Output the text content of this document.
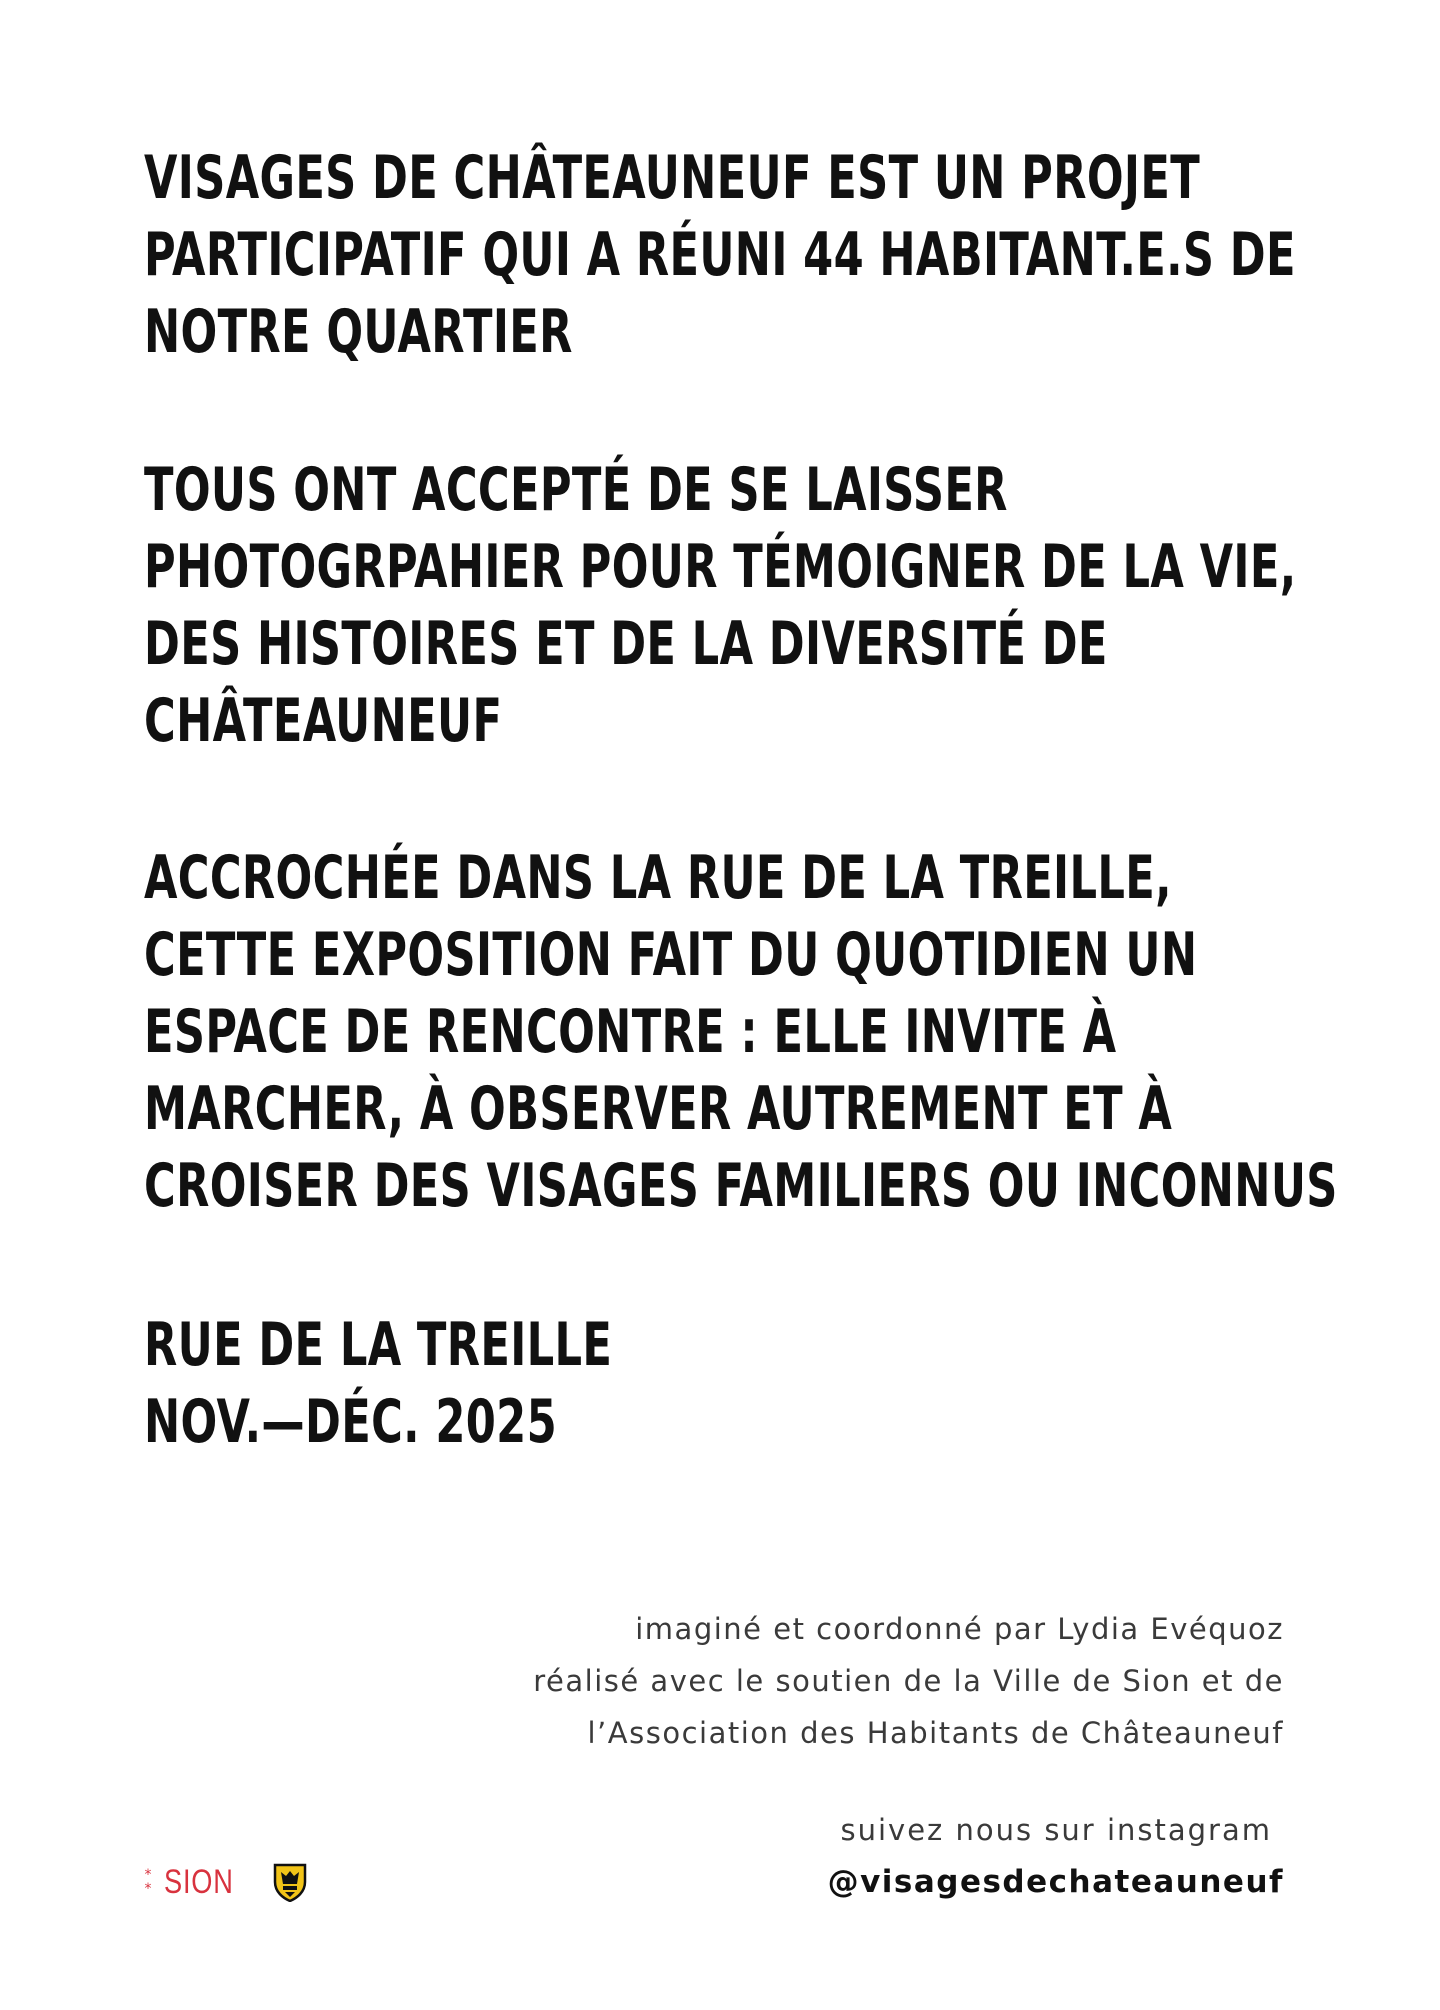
VISAGES DE CHÂTEAUNEUF EST UN PROJET
PARTICIPATIF QUI A RÉUNI 44 HABITANT.E.S DE
NOTRE QUARTIER
TOUS ONT ACCEPTÉ DE SE LAISSER
PHOTOGRPAHIER POUR TÉMOIGNER DE LA VIE,
DES HISTOIRES ET DE LA DIVERSITÉ DE
CHÂTEAUNEUF
ACCROCHÉE DANS LA RUE DE LA TREILLE,
CETTE EXPOSITION FAIT DU QUOTIDIEN UN
ESPACE DE RENCONTRE : ELLE INVITE À
MARCHER, À OBSERVER AUTREMENT ET À
CROISER DES VISAGES FAMILIERS OU INCONNUS
RUE DE LA TREILLE
NOV.—DÉC. 2025
imaginé et coordonné par Lydia Evéquoz
réalisé avec le soutien de la Ville de Sion et de
l’Association des Habitants de Châteauneuf
suivez nous sur instagram
@visagesdechateauneuf
*
* SION
